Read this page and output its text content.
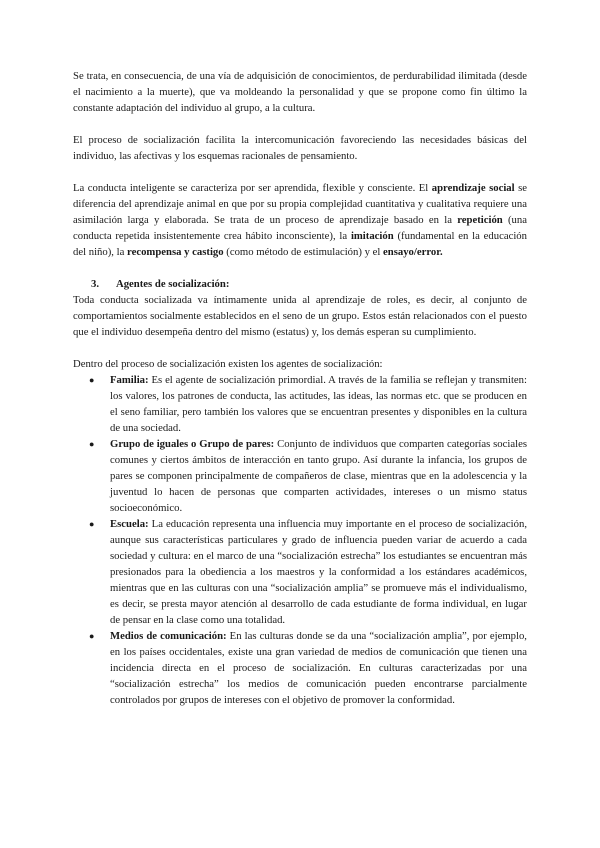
Se trata, en consecuencia, de una vía de adquisición de conocimientos, de perdurabilidad ilimitada (desde el nacimiento a la muerte), que va moldeando la personalidad y que se propone como fin último la constante adaptación del individuo al grupo, a la cultura.

El proceso de socialización facilita la intercomunicación favoreciendo las necesidades básicas del individuo, las afectivas y los esquemas racionales de pensamiento.

La conducta inteligente se caracteriza por ser aprendida, flexible y consciente. El aprendizaje social se diferencia del aprendizaje animal en que por su propia complejidad cuantitativa y cualitativa requiere una asimilación larga y elaborada. Se trata de un proceso de aprendizaje basado en la repetición (una conducta repetida insistentemente crea hábito inconsciente), la imitación (fundamental en la educación del niño), la recompensa y castigo (como método de estimulación) y el ensayo/error.

3.	Agentes de socialización:

Toda conducta socializada va íntimamente unida al aprendizaje de roles, es decir, al conjunto de comportamientos socialmente establecidos en el seno de un grupo. Estos están relacionados con el puesto que el individuo desempeña dentro del mismo (estatus) y, los demás esperan su cumplimiento.

Dentro del proceso de socialización existen los agentes de socialización:

● Familia: Es el agente de socialización primordial. A través de la familia se reflejan y transmiten: los valores, los patrones de conducta, las actitudes, las ideas, las normas etc. que se producen en el seno familiar, pero también los valores que se encuentran presentes y disponibles en la cultura de una sociedad.
● Grupo de iguales o Grupo de pares: Conjunto de individuos que comparten categorías sociales comunes y ciertos ámbitos de interacción en tanto grupo. Así durante la infancia, los grupos de pares se componen principalmente de compañeros de clase, mientras que en la adolescencia y la juventud lo hacen de personas que comparten actividades, intereses o un mismo status socioeconómico.
● Escuela: La educación representa una influencia muy importante en el proceso de socialización, aunque sus características particulares y grado de influencia pueden variar de acuerdo a cada sociedad y cultura: en el marco de una “socialización estrecha” los estudiantes se encuentran más presionados para la obediencia a los maestros y la conformidad a los estándares académicos, mientras que en las culturas con una “socialización amplia” se promueve más el individualismo, es decir, se presta mayor atención al desarrollo de cada estudiante de forma individual, en lugar de pensar en la clase como una totalidad.
● Medios de comunicación: En las culturas donde se da una “socialización amplia”, por ejemplo, en los países occidentales, existe una gran variedad de medios de comunicación que tienen una incidencia directa en el proceso de socialización. En culturas caracterizadas por una “socialización estrecha” los medios de comunicación pueden encontrarse parcialmente controlados por grupos de intereses con el objetivo de promover la conformidad.
